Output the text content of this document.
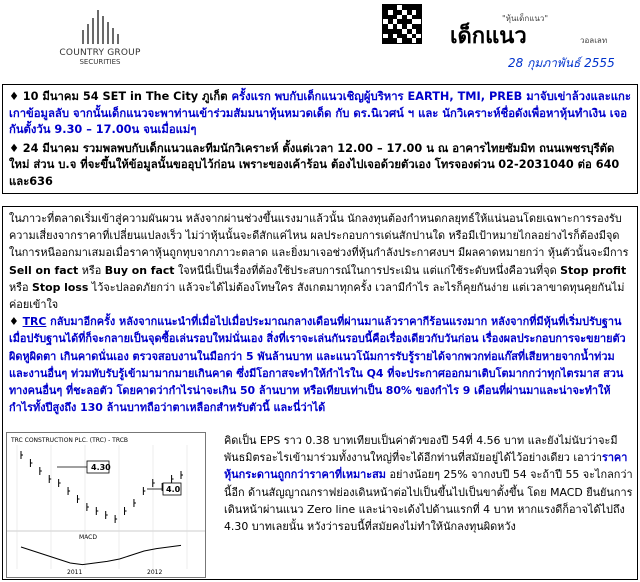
COUNTRY GROUP
SECURITIES
"หุ้นเด็กแนว"
เด็กแนว	วอลเลท
28 กุมภาพันธ์ 2555
♦ 10 มีนาคม 54 SET in The City ภูเก็ต ครั้งแรก พบกับเด็กแนวเชิญผู้บริหาร EARTH, TMI, PREB มาจับเข่าล้วงและแกะเกาข้อมูลลับ จากนั้นเด็กแนวจะพาท่านเข้าร่วมสัมมนาหุ้นหมวดเด็ด กับ ดร.นิเวศน์ ฯ และ นักวิเคราะห์ชื่อดังเพื่อหาหุ้นทำเงิน เจอกันตั้งวัน 9.30 – 17.00น จนเมื่อแม่ๆ
♦ 24 มีนาคม รวมพลพบกับเด็กแนวและทีมนักวิเคราะห์ ตั้งแต่เวลา 12.00 – 17.00 น ณ อาคารไทยซัมมิท ถนนเพชรบุรีตัดใหม่ ส่วน บ.จ ที่จะขึ้นให้ข้อมูลนั้นขออุบไว้ก่อน เพราะของเค้าร้อน ต้องไปเจอด้วยตัวเอง โทรจองด่วน 02-2031040 ต่อ 640 และ636
ในภาวะที่ตลาดเริ่มเข้าสู่ความผันผวน หลังจากผ่านช่วงขึ้นแรงมาแล้วนั้น นักลงทุนต้องกำหนดกลยุทธ์ให้แน่นอนโดยเฉพาะการรองรับความเสี่ยงจากราคาที่เปลี่ยนแปลงเร็ว ไม่ว่าหุ้นนั้นจะดีสักแค่ไหน ผลประกอบการเด่นสักปานใด หรือมีเป้าหมายไกลอย่างไรก็ต้องมีจุดในการหนีออกมาเสมอเมื่อราคาหุ้นถูกทุบจากภาวะตลาด และยิ่งมาเจอช่วงที่หุ้นกำลังประกาศงบฯ มีผลคาดหมายกว่า หุ้นตัวนั้นจะมีการ Sell on fact หรือ Buy on fact ใจหนีนี่เป็นเรื่องที่ต้องใช้ประสบการณ์ในการประเมิน แต่แก่ใช้ระดับหนึ่งคือวนที่จุด Stop profit หรือ Stop loss ไว้จะปลอดภัยกว่า แล้วจะได้ไม่ต้องโทษใคร สังเกตมาทุกครั้ง เวลามีกำไร ละไรก็คุยกันง่าย แต่เวลาขาดทุนคุยกันไม่ค่อยเข้าใจ
♦ TRC กลับมาอีกครั้ง หลังจากแนะนำที่เมื่อไปเมื่อประมาณกลางเดือนที่ผ่านมาแล้วราคากีร้อนแรงมาก หลังจากที่มีหุ้นที่เริ่มปรับฐาน เมื่อปรับฐานได้ที่ก็จะกลายเป็นจุดซื้อเล่นรอบใหม่นั่นเอง สิ่งที่เราจะเล่นกันรอบนี้คือเรื่องเดียวกับวันก่อน เรื่องผลประกอบการจะขยายตัวผิดหูผิดตา เกินคาดนั่นเอง ตรวจสอบงานในมือกว่า 5 พันล้านบาท และแนวโน้มการรับรู้รายได้จากพวกท่อแก๊สที่เสียหายจากน้ำท่วม และงานอื่นๆ ท่วมทับรับรู้เข้ามามากมายเกินคาด ซึ่งมีโอกาสจะทำให้กำไรใน Q4 ที่จะประกาศออกมาเติบโตมากกว่าทุกไตรมาส สวนทางคนอื่นๆ ที่ชะลอตัว โดยคาดว่ากำไรน่าจะเกิน 50 ล้านบาท หรือเทียบเท่าเป็น 80% ของกำไร 9 เดือนที่ผ่านมาและน่าจะทำให้กำไรทั้งปีสูงถึง 130 ล้านบาทถือว่าตาเหลือกสำหรับตัวนี้ และนี่ว่าได้
TRC CONSTRUCTION PLC. (TRC) - TRCB
MACD
4.30
4.0
2011	2012
คิดเป็น EPS ราว 0.38 บาทเทียบเป็นค่าตัวของปี 54ที่ 4.56 บาท และยังไม่นับว่าจะมีพันธมิตรอะไรเข้ามาร่วมทั้งงานใหญ่ที่จะได้อีกท่านที่สมัยอยู่ได้ไว้อย่างเดียว เอาว่าราคาหุ้นกระดานถูกกว่าราคาที่เหมาะสม อย่างน้อยๆ 25% จากงบปี 54 จะถ้าปี 55 จะไกลกว่านี้อีก ด้านสัญญาณกราฟย่องเดินหน้าต่อไปเป็นขึ้นไปเป็นขาตั้งขึ้น โดย MACD ยืนยันการเดินหน้าผ่านแนว Zero line และน่าจะเด้งไปด้านแรกที่ 4 บาท หากแรงดีก็อาจได้ไปถึง 4.30 บาทเลยนั้น หวังว่ารอบนี้ที่สมัยคงไม่ทำให้นักลงทุนผิดหวัง
